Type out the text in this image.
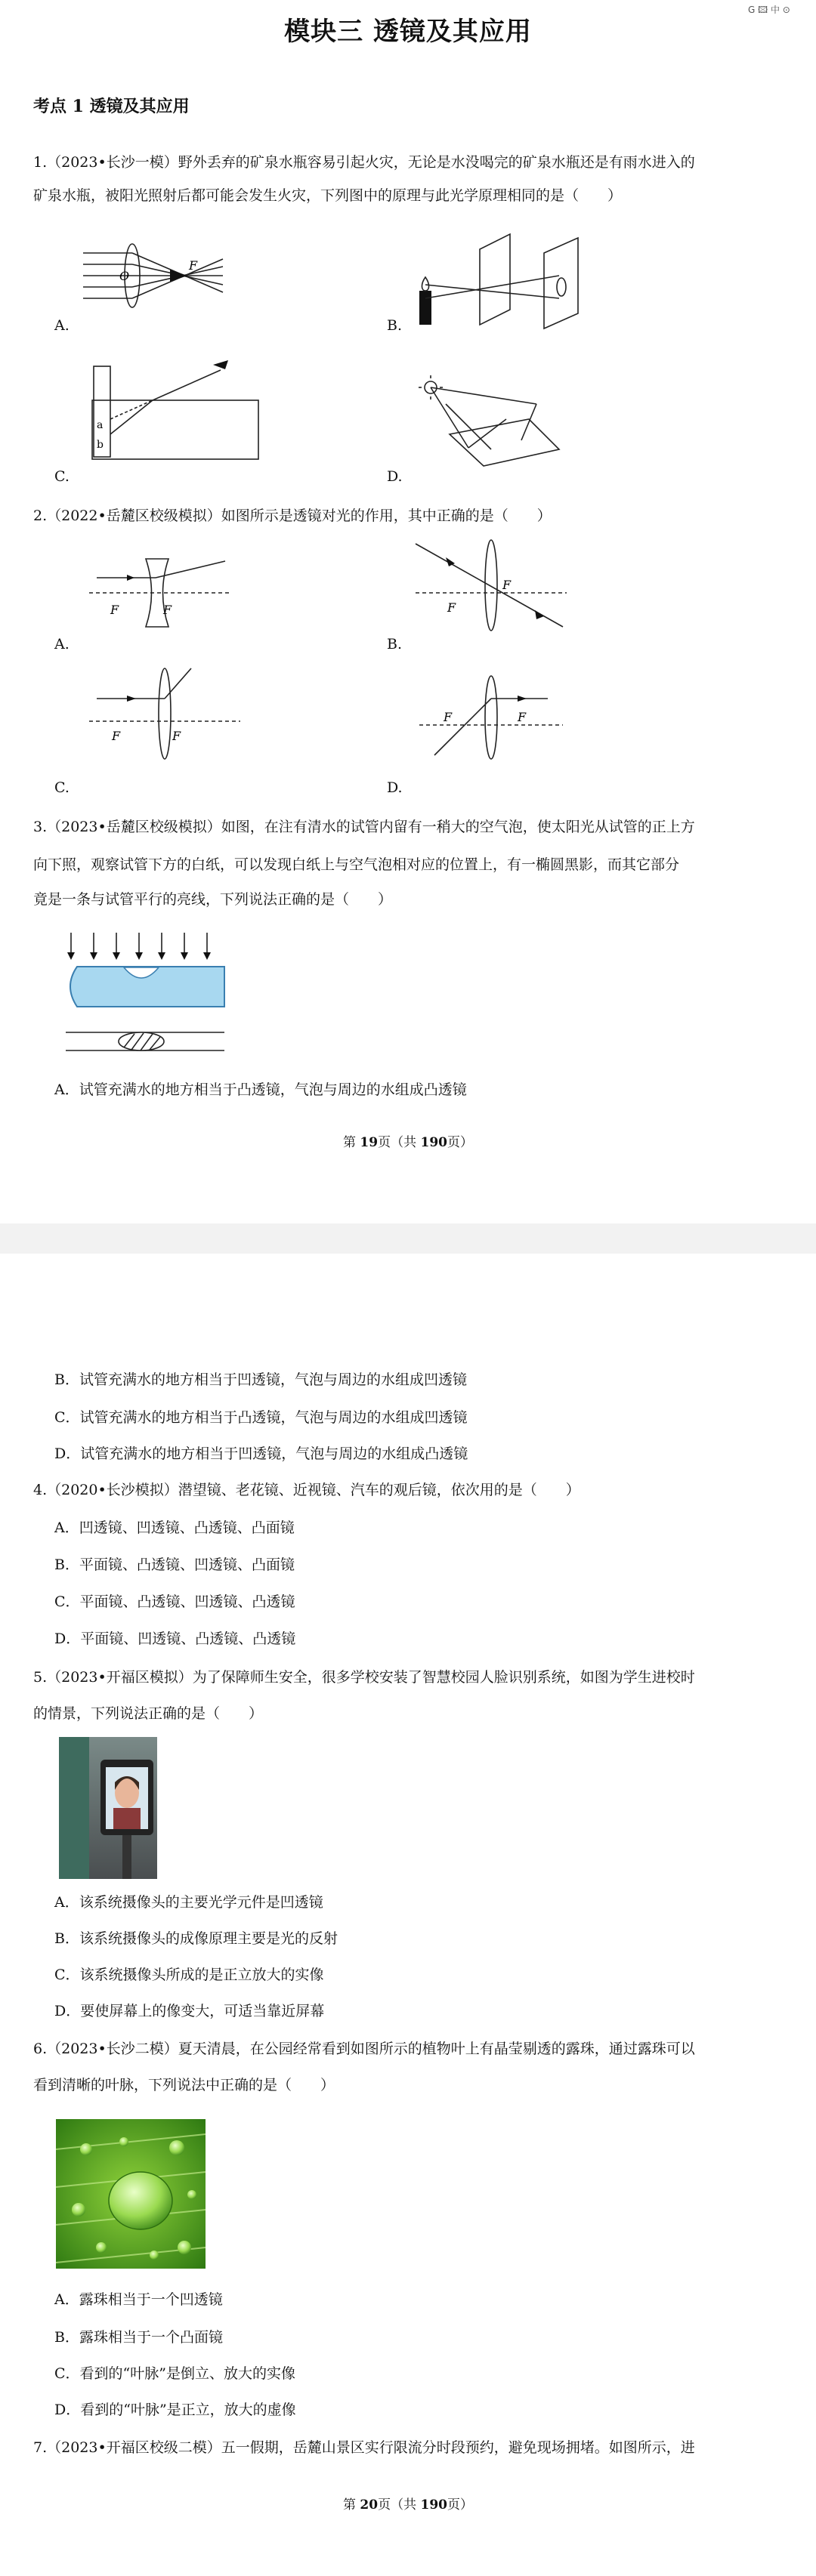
G 🖾 中 ⊙
模块三 透镜及其应用
考点 1 透镜及其应用
1.（2023•长沙一模）野外丢弃的矿泉水瓶容易引起火灾，无论是水没喝完的矿泉水瓶还是有雨水进入的
矿泉水瓶，被阳光照射后都可能会发生火灾，下列图中的原理与此光学原理相同的是（　　）
O
F
A.	B.
a
b
C.	D.
2.（2022•岳麓区校级模拟）如图所示是透镜对光的作用，其中正确的是（　　）
F	F
A.
F
F
B.
F	F
C.
F	F
D.
3.（2023•岳麓区校级模拟）如图，在注有清水的试管内留有一稍大的空气泡，使太阳光从试管的正上方
向下照，观察试管下方的白纸，可以发现白纸上与空气泡相对应的位置上，有一椭圆黑影，而其它部分
竟是一条与试管平行的亮线，下列说法正确的是（　　）
A．试管充满水的地方相当于凸透镜，气泡与周边的水组成凸透镜
第 19页（共 190页）
B．试管充满水的地方相当于凹透镜，气泡与周边的水组成凹透镜
C．试管充满水的地方相当于凸透镜，气泡与周边的水组成凹透镜
D．试管充满水的地方相当于凹透镜，气泡与周边的水组成凸透镜
4.（2020•长沙模拟）潜望镜、老花镜、近视镜、汽车的观后镜，依次用的是（　　）
A．凹透镜、凹透镜、凸透镜、凸面镜
B．平面镜、凸透镜、凹透镜、凸面镜
C．平面镜、凸透镜、凹透镜、凸透镜
D．平面镜、凹透镜、凸透镜、凸透镜
5.（2023•开福区模拟）为了保障师生安全，很多学校安装了智慧校园人脸识别系统，如图为学生进校时
的情景，下列说法正确的是（　　）
A．该系统摄像头的主要光学元件是凹透镜
B．该系统摄像头的成像原理主要是光的反射
C．该系统摄像头所成的是正立放大的实像
D．要使屏幕上的像变大，可适当靠近屏幕
6.（2023•长沙二模）夏天清晨，在公园经常看到如图所示的植物叶上有晶莹剔透的露珠，通过露珠可以
看到清晰的叶脉，下列说法中正确的是（　　）
A．露珠相当于一个凹透镜
B．露珠相当于一个凸面镜
C．看到的“叶脉”是倒立、放大的实像
D．看到的“叶脉”是正立，放大的虚像
7.（2023•开福区校级二模）五一假期，岳麓山景区实行限流分时段预约，避免现场拥堵。如图所示，进
第 20页（共 190页）
